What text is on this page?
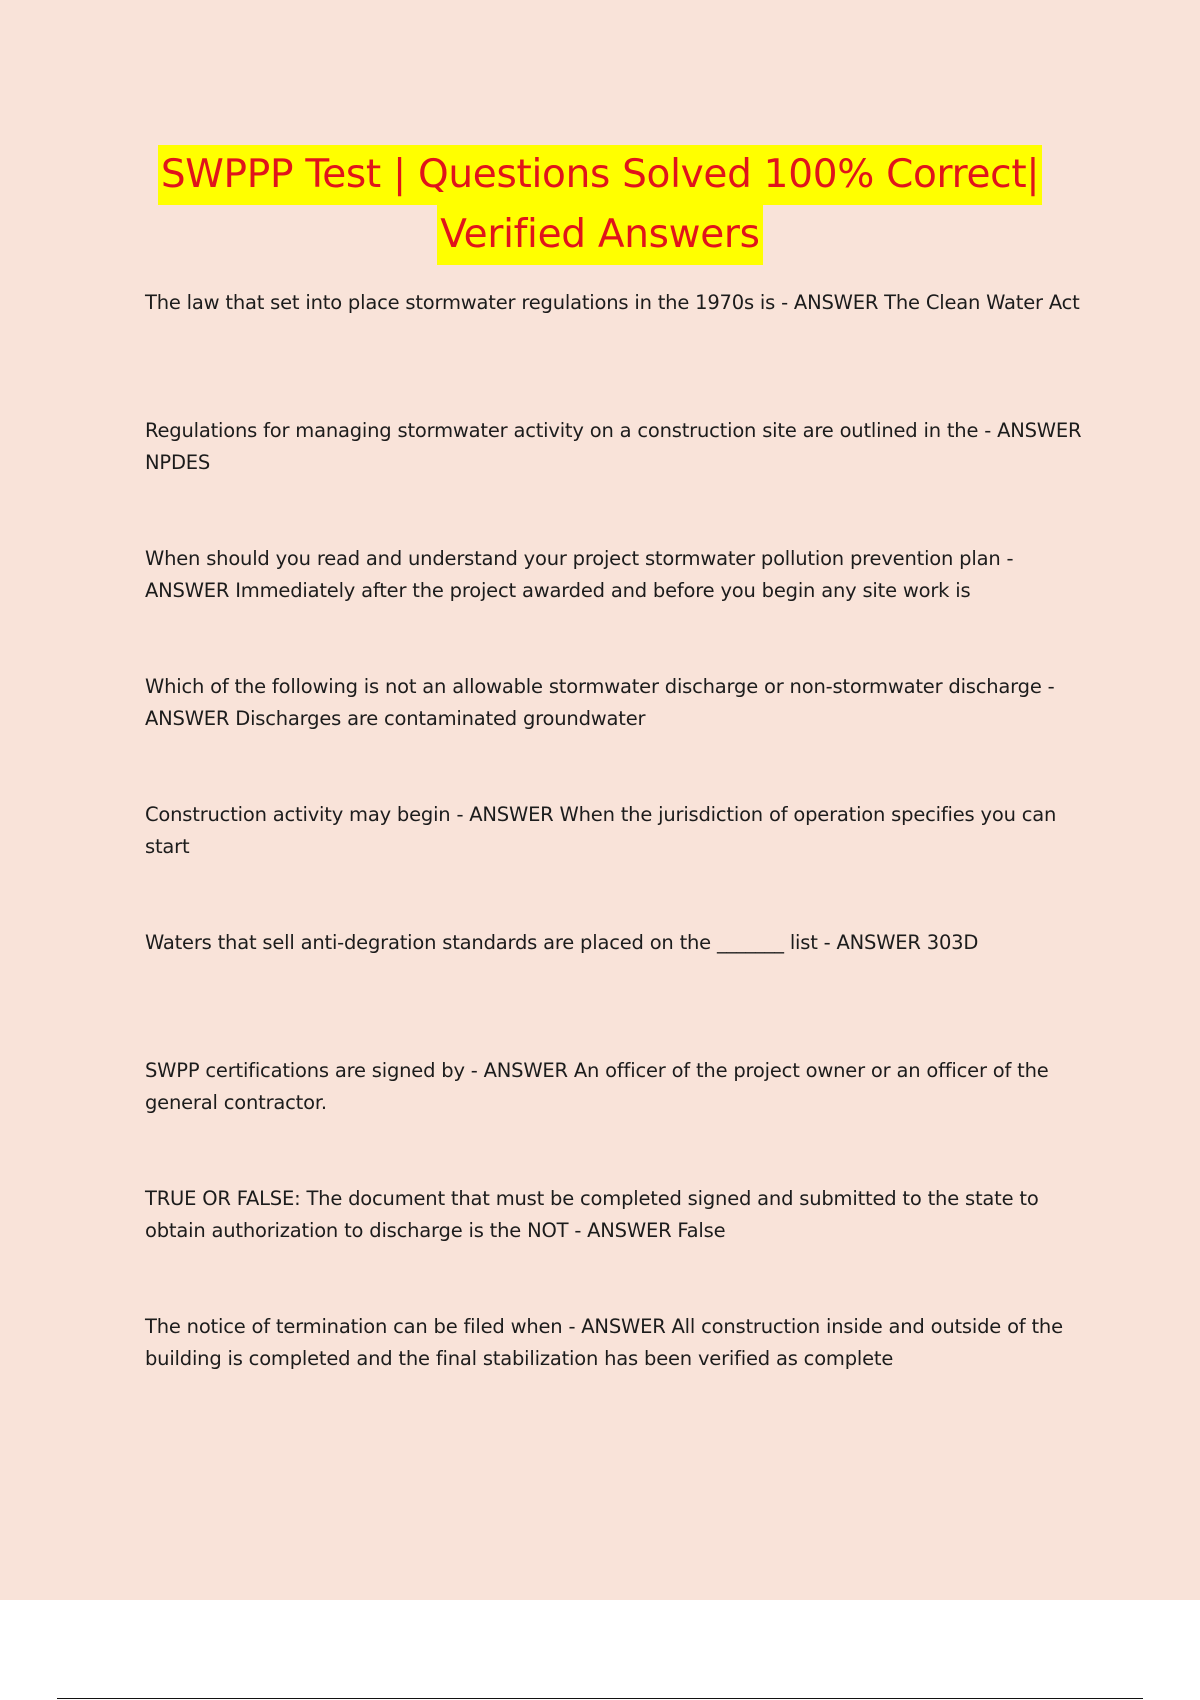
SWPPP Test | Questions Solved 100% Correct|
Verified Answers
The law that set into place stormwater regulations in the 1970s is - ANSWER The Clean Water Act
Regulations for managing stormwater activity on a construction site are outlined in the - ANSWER NPDES
When should you read and understand your project stormwater pollution prevention plan - ANSWER Immediately after the project awarded and before you begin any site work is
Which of the following is not an allowable stormwater discharge or non-stormwater discharge - ANSWER Discharges are contaminated groundwater
Construction activity may begin - ANSWER When the jurisdiction of operation specifies you can start
Waters that sell anti-degration standards are placed on the _______ list - ANSWER 303D
SWPP certifications are signed by - ANSWER An officer of the project owner or an officer of the general contractor.
TRUE OR FALSE: The document that must be completed signed and submitted to the state to obtain authorization to discharge is the NOT - ANSWER False
The notice of termination can be filed when - ANSWER All construction inside and outside of the building is completed and the final stabilization has been verified as complete
